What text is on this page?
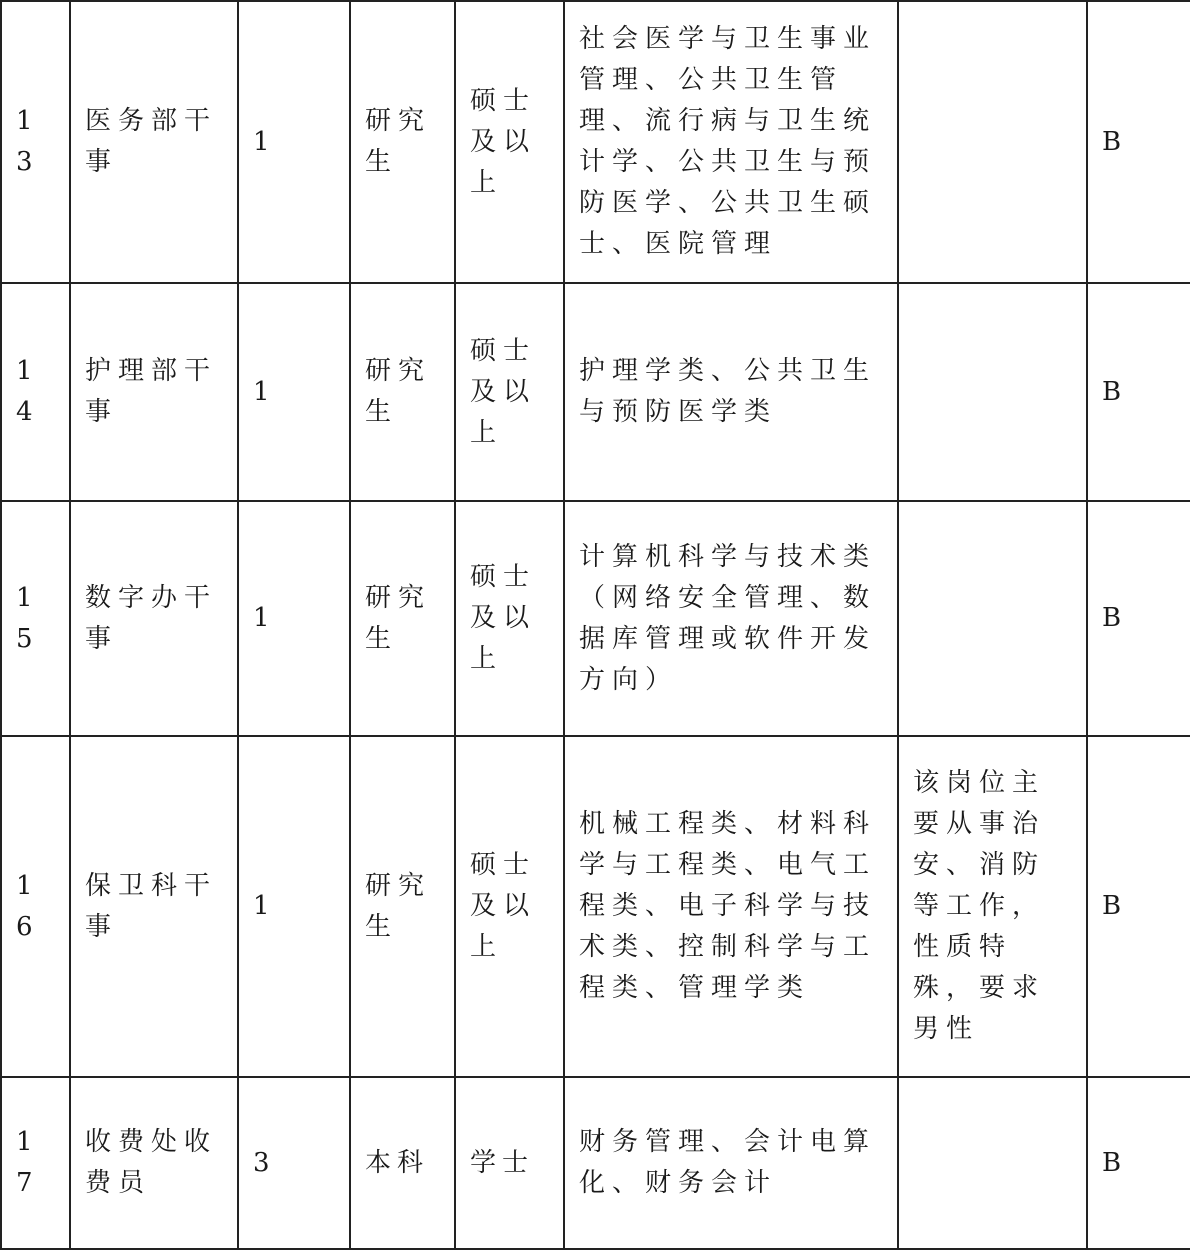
13	医务部干事	1	研究生	硕士及以上	社会医学与卫生事业管理、公共卫生管理、流行病与卫生统计学、公共卫生与预防医学、公共卫生硕士、医院管理		B
14	护理部干事	1	研究生	硕士及以上	护理学类、公共卫生与预防医学类		B
15	数字办干事	1	研究生	硕士及以上	计算机科学与技术类（网络安全管理、数据库管理或软件开发方向）		B
16	保卫科干事	1	研究生	硕士及以上	机械工程类、材料科学与工程类、电气工程类、电子科学与技术类、控制科学与工程类、管理学类	该岗位主要从事治安、消防等工作，性质特殊，要求男性	B
17	收费处收费员	3	本科	学士	财务管理、会计电算化、财务会计		B
